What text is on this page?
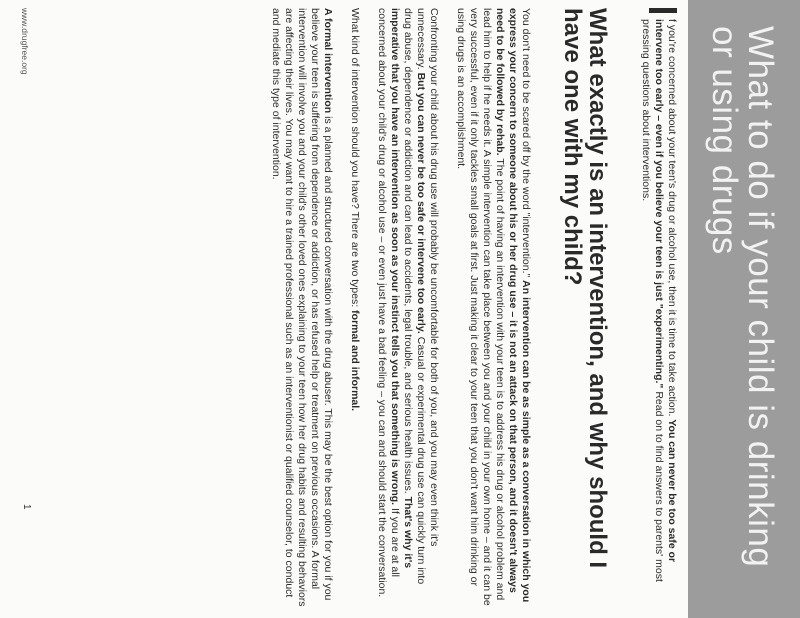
What to do if your child is drinking or using drugs
f you're concerned about your teen's drug or alcohol use, then it is time to take action. You can never be too safe or intervene too early – even if you believe your teen is just "experimenting." Read on to find answers to parents' most pressing questions about interventions.
What exactly is an intervention, and why should I have one with my child?

You don't need to be scared off by the word "intervention." An intervention can be as simple as a conversation in which you express your concern to someone about his or her drug use – it is not an attack on that person, and it doesn't always need to be followed by rehab. The point of having an intervention with your teen is to address his drug or alcohol problem and lead him to help if he needs it. A simple intervention can take place between you and your child in your own home – and it can be very successful, even if it only tackles small goals at first. Just making it clear to your teen that you don't want him drinking or using drugs is an accomplishment.

Confronting your child about his drug use will probably be uncomfortable for both of you, and you may even think it's unnecessary. But you can never be too safe or intervene too early. Casual or experimental drug use can quickly turn into drug abuse, dependence or addiction and can lead to accidents, legal trouble, and serious health issues. That's why it's imperative that you have an intervention as soon as your instinct tells you that something is wrong. If you are at all concerned about your child's drug or alcohol use – or even just have a bad feeling – you can and should start the conversation.

What kind of intervention should you have? There are two types: formal and informal.

A formal intervention is a planned and structured conversation with the drug abuser. This may be the best option for you if you believe your teen is suffering from dependence or addiction, or has refused help or treatment on previous occasions. A formal intervention will involve you and your child's other loved ones explaining to your teen how her drug habits and resulting behaviors are affecting their lives. You may want to hire a trained professional such as an interventionist or qualified counselor, to conduct and mediate this type of intervention.

www.drugfree.org
1
